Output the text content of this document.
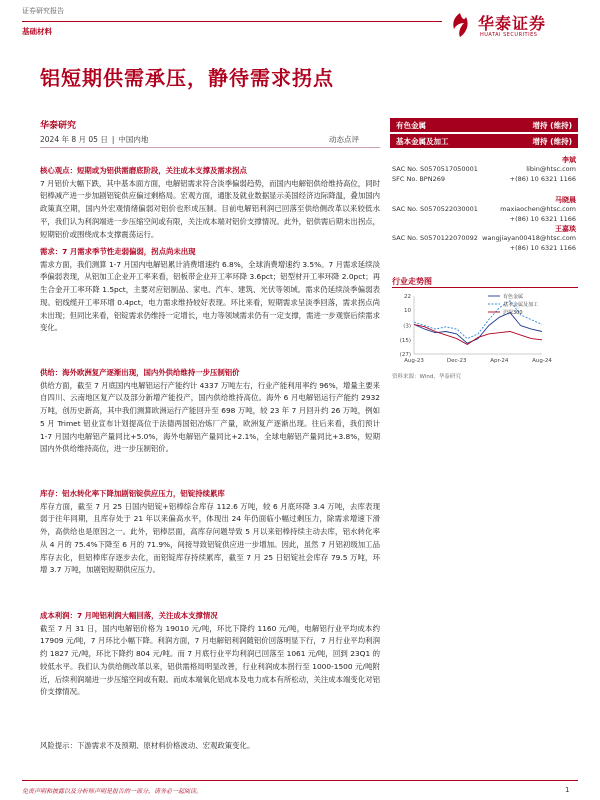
证券研究报告
基础材料	华泰证券
HUATAI SECURITIES
铝短期供需承压，静待需求拐点
华泰研究
2024 年 8 月 05 日 | 中国内地	动态点评
核心观点：短期或为铝供需磨底阶段，关注成本支撑及需求拐点
7 月铝价大幅下跌，其中基本面方面，电解铝需求符合淡季偏弱趋势，而国内电解铝供给维持高位，同时铝棒减产进一步加剧铝锭供应偏过剩格局。宏观方面，通胀及就业数据显示美国经济边际降温，叠加国内政策真空期，国内外宏观情绪偏弱对铝价也形成压制。目前电解铝利润已回落至供给侧改革以来较低水平，我们认为利润端进一步压缩空间或有限，关注成本端对铝价支撑情况。此外，铝供需后期未出拐点，短期铝价或围绕成本支撑震荡运行。
需求：7 月需求季节性走弱偏弱，拐点尚未出现
需求方面，我们测算 1-7 月国内电解铝累计消费增速约 6.8%，全球消费增速约 3.5%。7 月需求延续淡季偏弱表现，从铝加工企业开工率来看，铝板带企业开工率环降 3.6pct；铝型材开工率环降 2.0pct；再生合金开工率环降 1.5pct，主要对应铝制品、家电、汽车、建筑、光伏等领域。需求仍延续淡季偏弱表现。铝线缆开工率环增 0.4pct，电力需求维持较好表现。环比来看，短期需求呈淡季回落，需求拐点尚未出现；但同比来看，铝锭需求仍维持一定增长，电力等领域需求仍有一定支撑，需进一步观察后续需求变化。
供给：海外欧洲复产逐渐出现，国内外供给维持一步压制铝价
供给方面，截至 7 月底国内电解铝运行产能约计 4337 万吨左右，行业产能利用率约 96%，增量主要来自四川、云南地区复产以及部分新增产能投产，国内供给维持高位。海外 6 月电解铝运行产能约 2932 万吨，创历史新高，其中我们测算欧洲运行产能回升至 698 万吨，较 23 年 7 月回升约 26 万吨，例如 5 月 Trimet 铝业宣布计划提高位于法德两国铝冶炼厂产量，欧洲复产逐渐出现。往后来看，我们预计 1-7 月国内电解铝产量同比+5.0%，海外电解铝产量同比+2.1%，全球电解铝产量同比+3.8%，短期国内外供给维持高位，进一步压制铝价。
库存：铝水转化率下降加剧铝锭供应压力，铝锭持续累库
库存方面，截至 7 月 25 日国内铝锭+铝棒综合库存 112.6 万吨，较 6 月底环降 3.4 万吨，去库表现弱于往年同期，且库存处于 21 年以来偏高水平，体现出 24 年仍面临小幅过剩压力，除需求增速下滑外，高供给也是原因之一。此外，铝棒层面，高库存问题导致 5 月以来铝棒持续主动去库，铝水转化率从 4 月的 75.4%下降至 6 月的 71.9%，间接导致铝锭供应进一步增加。因此，虽然 7 月铝初级加工品库存去化，但铝棒库存逐步去化，而铝锭库存持续累库，截至 7 月 25 日铝锭社会库存 79.5 万吨，环增 3.7 万吨，加剧铝短期供应压力。
成本利润：7 月吨铝利润大幅回落，关注成本支撑情况
截至 7 月 31 日，国内电解铝价格为 19010 元/吨，环比下降约 1160 元/吨，电解铝行业平均成本约 17909 元/吨，7 月环比小幅下降。利润方面，7 月电解铝利润随铝价回落明显下行，7 月行业平均利润约 1827 元/吨，环比下降约 804 元/吨。而 7 月底行业平均利润已回落至 1061 元/吨，回到 23Q1 的较低水平。我们认为供给侧改革以来，铝供需格局明显改善，行业利润成本拐行至 1000-1500 元/吨附近，后续利润端进一步压缩空间或有限。而成本端氧化铝成本及电力成本有所松动，关注成本端变化对铝价支撑情况。
风险提示：下游需求不及预期、原材料价格波动、宏观政策变化。
有色金属	增持 (维持)
基本金属及加工	增持 (维持)
李斌
SAC No. S0570517050001	libin@htsc.com
SFC No. BPN269	+(86) 10 6321 1166
马晓晨
SAC No. S0570522030001	maxiaochen@htsc.com
+(86) 10 6321 1166
王嘉琰
SAC No. S0570122070092 wangjiayan00418@htsc.com
+(86) 10 6321 1166
行业走势图
22
10
(3)
(15)
(27)
Aug-23	Dec-23	Apr-24	Aug-24
有色金属
基本金属及加工
沪深300
资料来源：Wind，华泰研究
免责声明和披露以及分析师声明是报告的一部分，请务必一起阅读。	1
